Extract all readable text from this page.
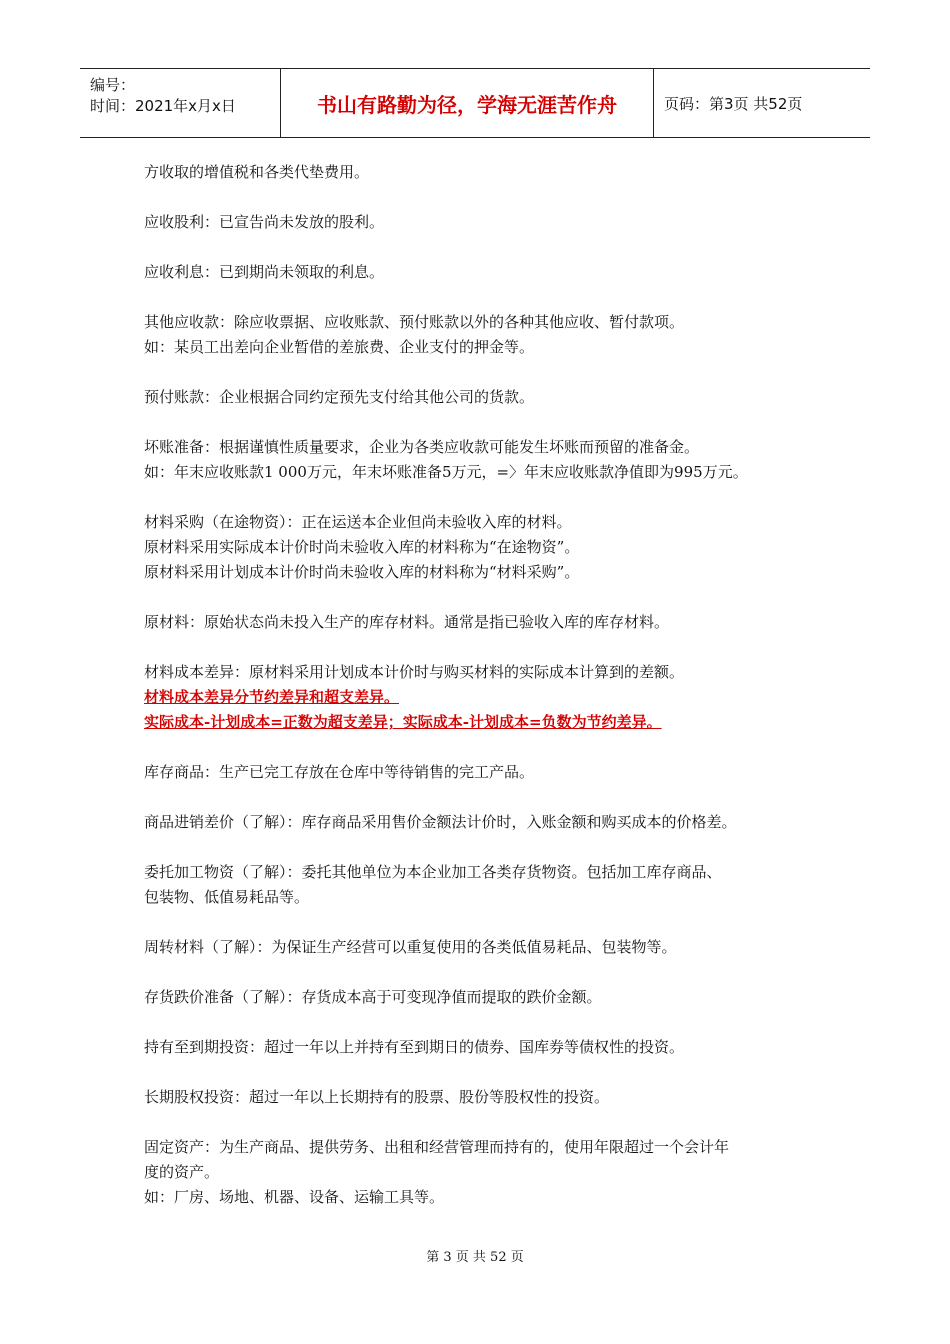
编号：
时间：2021年x月x日	书山有路勤为径，学海无涯苦作舟	页码：第3页 共52页
方收取的增值税和各类代垫费用。
应收股利：已宣告尚未发放的股利。
应收利息：已到期尚未领取的利息。
其他应收款：除应收票据、应收账款、预付账款以外的各种其他应收、暂付款项。
如：某员工出差向企业暂借的差旅费、企业支付的押金等。
预付账款：企业根据合同约定预先支付给其他公司的货款。
坏账准备：根据谨慎性质量要求，企业为各类应收款可能发生坏账而预留的准备金。
如：年末应收账款1 000万元，年末坏账准备5万元，=〉年末应收账款净值即为995万元。
材料采购（在途物资）：正在运送本企业但尚未验收入库的材料。
原材料采用实际成本计价时尚未验收入库的材料称为“在途物资”。
原材料采用计划成本计价时尚未验收入库的材料称为“材料采购”。
原材料：原始状态尚未投入生产的库存材料。通常是指已验收入库的库存材料。
材料成本差异：原材料采用计划成本计价时与购买材料的实际成本计算到的差额。
材料成本差异分节约差异和超支差异。
实际成本-计划成本=正数为超支差异；实际成本-计划成本=负数为节约差异。
库存商品：生产已完工存放在仓库中等待销售的完工产品。
商品进销差价（了解）：库存商品采用售价金额法计价时，入账金额和购买成本的价格差。
委托加工物资（了解）：委托其他单位为本企业加工各类存货物资。包括加工库存商品、
包装物、低值易耗品等。
周转材料（了解）：为保证生产经营可以重复使用的各类低值易耗品、包装物等。
存货跌价准备（了解）：存货成本高于可变现净值而提取的跌价金额。
持有至到期投资：超过一年以上并持有至到期日的债券、国库券等债权性的投资。
长期股权投资：超过一年以上长期持有的股票、股份等股权性的投资。
固定资产：为生产商品、提供劳务、出租和经营管理而持有的，使用年限超过一个会计年
度的资产。
如：厂房、场地、机器、设备、运输工具等。
第 3 页 共 52 页
